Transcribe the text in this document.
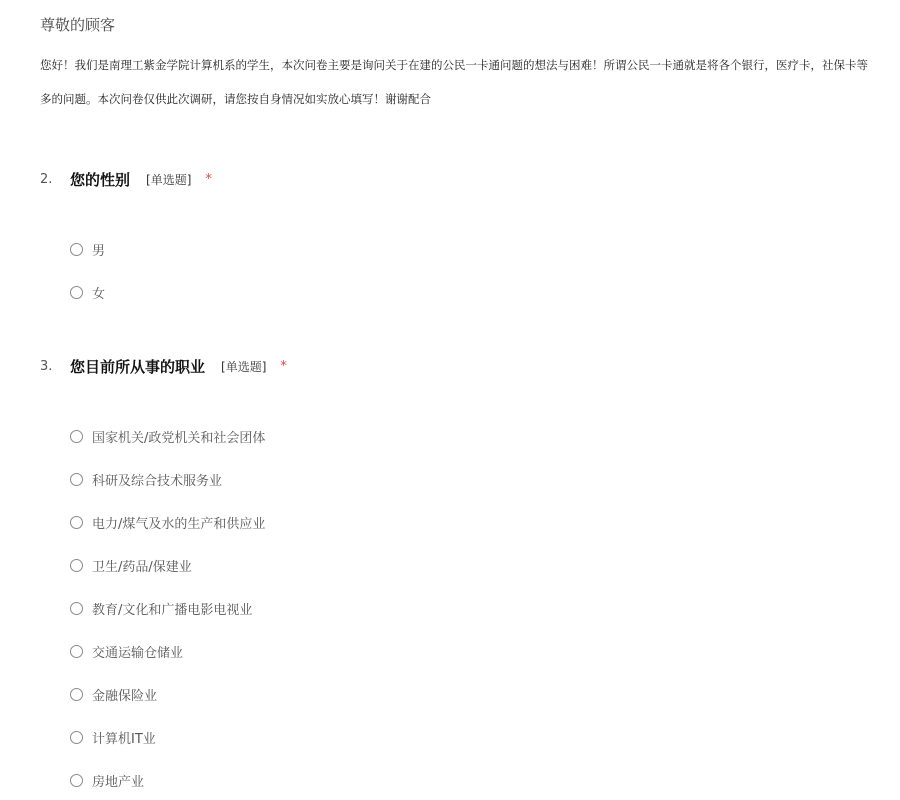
尊敬的顾客
您好！我们是南理工紫金学院计算机系的学生，本次问卷主要是询问关于在建的公民一卡通问题的想法与困难！所谓公民一卡通就是将各个银行，医疗卡，社保卡等
多的问题。本次问卷仅供此次调研，请您按自身情况如实放心填写！谢谢配合
2.	您的性别 [单选题] *
男
女
3.	您目前所从事的职业 [单选题] *
国家机关/政党机关和社会团体
科研及综合技术服务业
电力/煤气及水的生产和供应业
卫生/药品/保建业
教育/文化和广播电影电视业
交通运输仓储业
金融保险业
计算机IT业
房地产业
